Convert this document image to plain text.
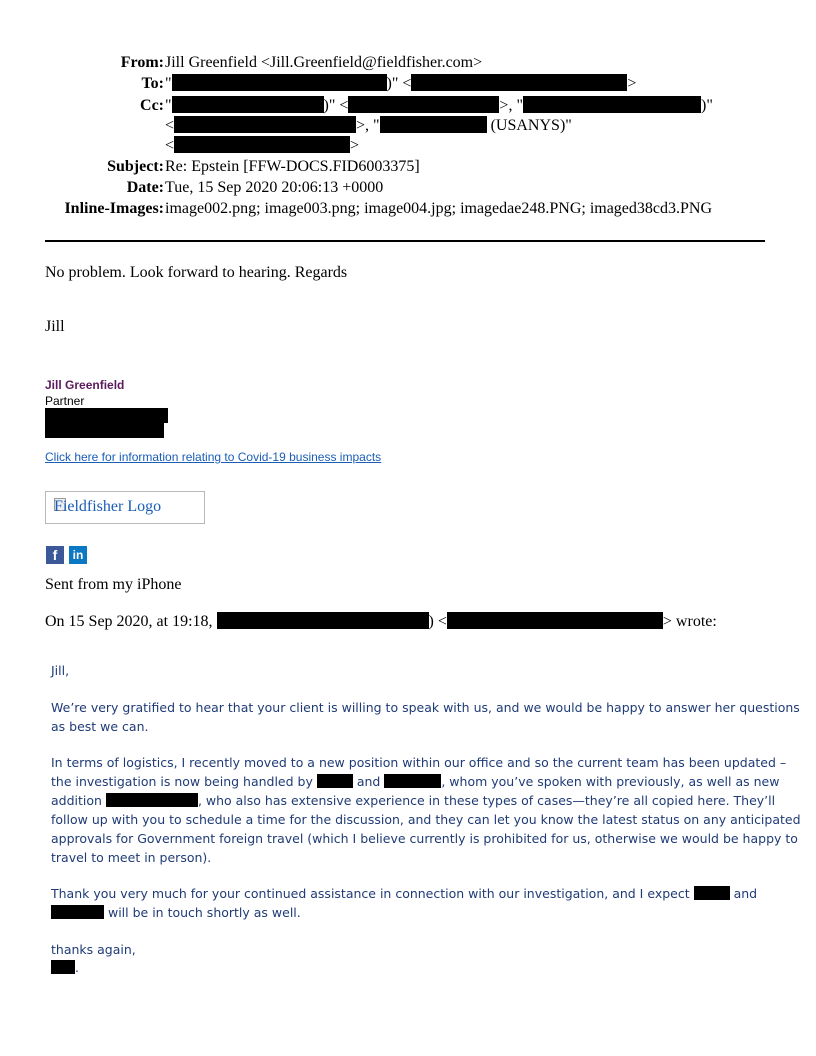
From: Jill Greenfield <Jill.Greenfield@fieldfisher.com>
To: "	)" <	>
Cc: "	)" <	>, "	)"
<	>, "	(USANYS)"
<	>
Subject: Re: Epstein [FFW-DOCS.FID6003375]
Date: Tue, 15 Sep 2020 20:06:13 +0000
Inline-Images: image002.png; image003.png; image004.jpg; imagedae248.PNG; imaged38cd3.PNG
No problem. Look forward to hearing. Regards
Jill
Jill Greenfield
Partner
Click here for information relating to Covid-19 business impacts
Fieldfisher Logo
f	in
Sent from my iPhone
On 15 Sep 2020, at 19:18,	) <	> wrote:
Jill,
We’re very gratified to hear that your client is willing to speak with us, and we would be happy to answer her questions
as best we can.
In terms of logistics, I recently moved to a new position within our office and so the current team has been updated –
the investigation is now being handled by	and	, whom you’ve spoken with previously, as well as new
addition	, who also has extensive experience in these types of cases—they’re all copied here. They’ll
follow up with you to schedule a time for the discussion, and they can let you know the latest status on any anticipated
approvals for Government foreign travel (which I believe currently is prohibited for us, otherwise we would be happy to
travel to meet in person).
Thank you very much for your continued assistance in connection with our investigation, and I expect	and
will be in touch shortly as well.
thanks again,
.
